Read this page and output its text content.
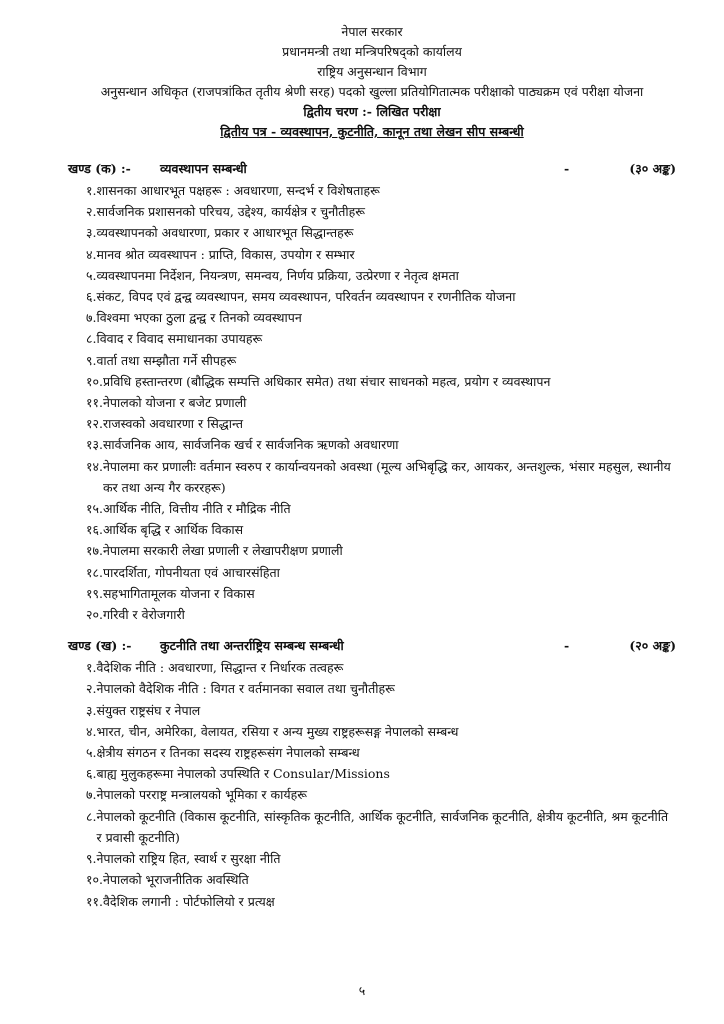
नेपाल सरकार
प्रधानमन्त्री तथा मन्त्रिपरिषद्को कार्यालय
राष्ट्रिय अनुसन्धान विभाग
अनुसन्धान अधिकृत (राजपत्रांकित तृतीय श्रेणी सरह) पदको खुल्ला प्रतियोगितात्मक परीक्षाको पाठ्यक्रम एवं परीक्षा योजना
द्वितीय चरण :- लिखित परीक्षा
द्वितीय पत्र - व्यवस्थापन, कुटनीति, कानून तथा लेखन सीप सम्बन्धी
खण्ड (क) :-	व्यवस्थापन सम्बन्धी	-	(३० अङ्क)
१. शासनका आधारभूत पक्षहरू : अवधारणा, सन्दर्भ र विशेषताहरू
२. सार्वजनिक प्रशासनको परिचय, उद्देश्य, कार्यक्षेत्र र चुनौतीहरू
३. व्यवस्थापनको अवधारणा, प्रकार र आधारभूत सिद्धान्तहरू
४. मानव श्रोत व्यवस्थापन : प्राप्ति, विकास, उपयोग र सम्भार
५. व्यवस्थापनमा निर्देशन, नियन्त्रण, समन्वय, निर्णय प्रक्रिया, उत्प्रेरणा र नेतृत्व क्षमता
६. संकट, विपद एवं द्वन्द्व व्यवस्थापन, समय व्यवस्थापन, परिवर्तन व्यवस्थापन र रणनीतिक योजना
७. विश्वमा भएका ठुला द्वन्द्व र तिनको व्यवस्थापन
८. विवाद र विवाद समाधानका उपायहरू
९. वार्ता तथा सम्झौता गर्ने सीपहरू
१०. प्रविधि हस्तान्तरण (बौद्धिक सम्पत्ति अधिकार समेत) तथा संचार साधनको महत्व, प्रयोग र व्यवस्थापन
११. नेपालको योजना र बजेट प्रणाली
१२. राजस्वको अवधारणा र सिद्धान्त
१३. सार्वजनिक आय, सार्वजनिक खर्च र सार्वजनिक ऋणको अवधारणा
१४. नेपालमा कर प्रणालीः वर्तमान स्वरुप र कार्यान्वयनको अवस्था (मूल्य अभिबृद्धि कर, आयकर, अन्तशुल्क, भंसार महसुल, स्थानीय कर तथा अन्य गैर कररहरू)
१५. आर्थिक नीति, वित्तीय नीति र मौद्रिक नीति
१६. आर्थिक बृद्धि र आर्थिक विकास
१७. नेपालमा सरकारी लेखा प्रणाली र लेखापरीक्षण प्रणाली
१८. पारदर्शिता, गोपनीयता एवं आचारसंहिता
१९. सहभागितामूलक योजना र विकास
२०. गरिवी र वेरोजगारी
खण्ड (ख) :-	कुटनीति तथा अन्तर्राष्ट्रिय सम्बन्ध सम्बन्धी	-	(२० अङ्क)
१. वैदेशिक नीति : अवधारणा, सिद्धान्त र निर्धारक तत्वहरू
२. नेपालको वैदेशिक नीति : विगत र वर्तमानका सवाल तथा चुनौतीहरू
३. संयुक्त राष्ट्रसंघ र नेपाल
४. भारत, चीन, अमेरिका, वेलायत, रसिया र अन्य मुख्य राष्ट्रहरूसङ्ग नेपालको सम्बन्ध
५. क्षेत्रीय संगठन र तिनका सदस्य राष्ट्रहरूसंग नेपालको सम्बन्ध
६. बाह्य मुलुकहरूमा नेपालको उपस्थिति र Consular/Missions
७. नेपालको परराष्ट्र मन्त्रालयको भूमिका र कार्यहरू
८. नेपालको कूटनीति (विकास कूटनीति, सांस्कृतिक कूटनीति, आर्थिक कूटनीति, सार्वजनिक कूटनीति, क्षेत्रीय कूटनीति, श्रम कूटनीति र प्रवासी कूटनीति)
९. नेपालको राष्ट्रिय हित, स्वार्थ र सुरक्षा नीति
१०. नेपालको भूराजनीतिक अवस्थिति
११. वैदेशिक लगानी : पोर्टफोलियो र प्रत्यक्ष
५
